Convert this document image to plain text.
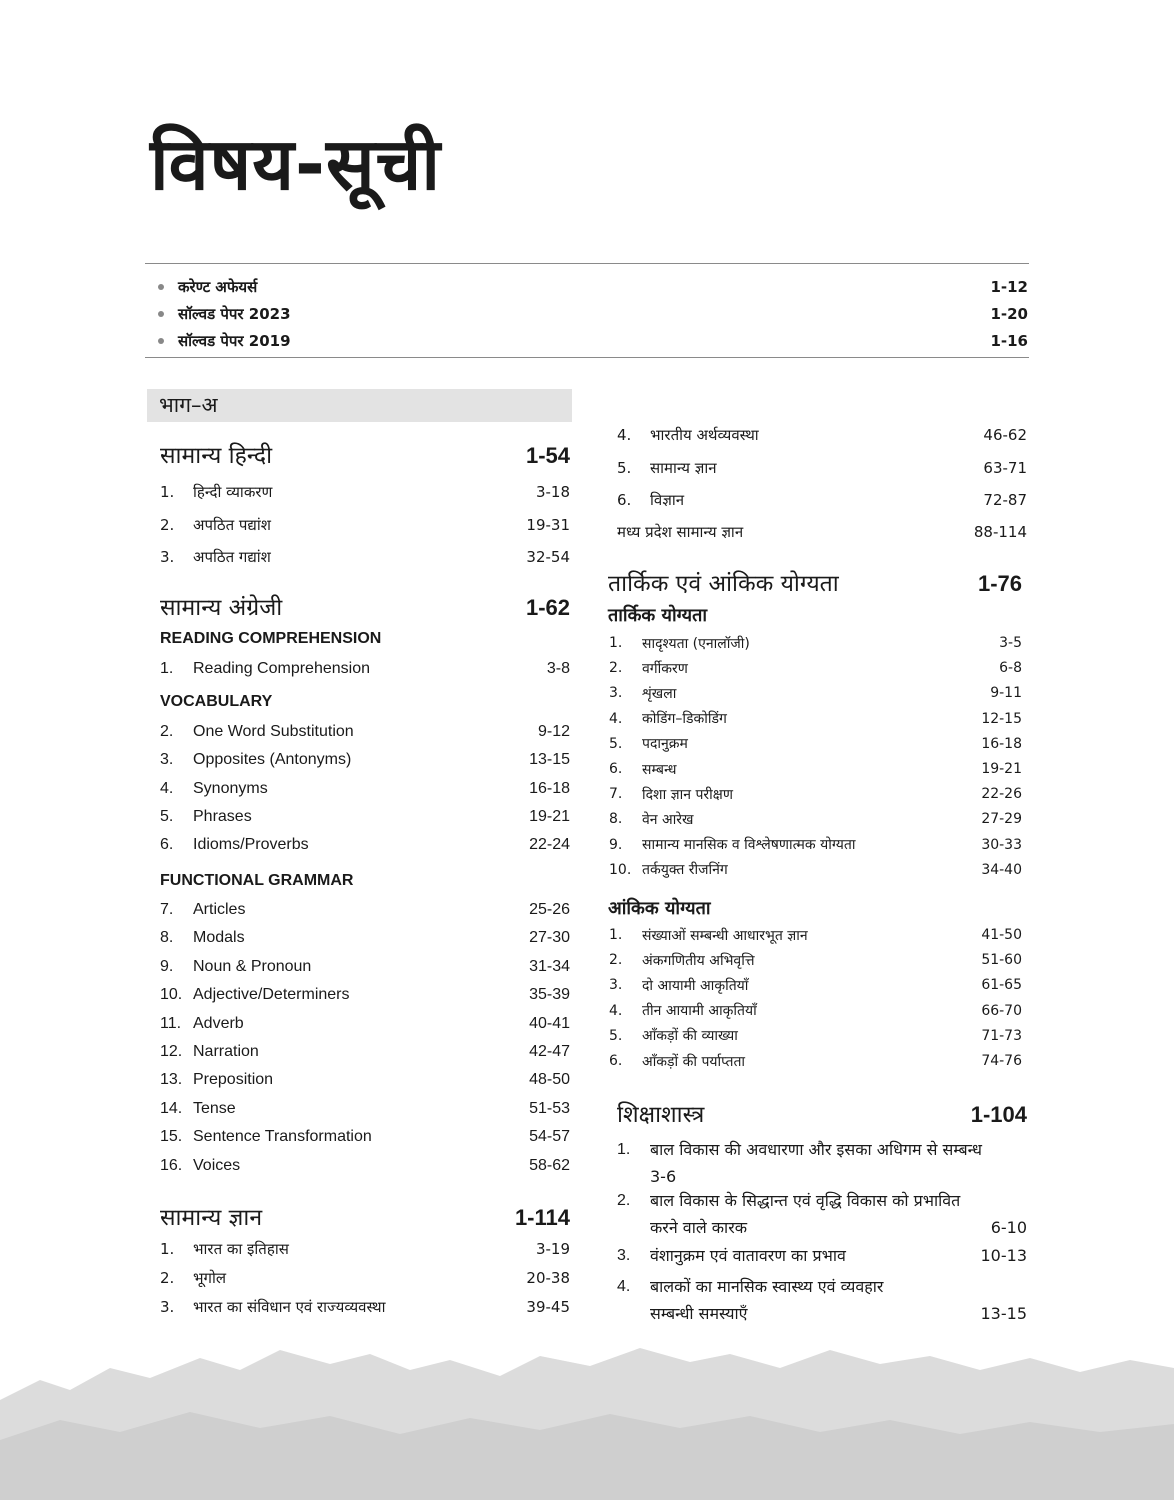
विषय-सूची
करेण्ट अफेयर्स	1-12
सॉल्वड पेपर 2023	1-20
सॉल्वड पेपर 2019	1-16
भाग–अ
सामान्य हिन्दी	1-54
सामान्य अंग्रेजी	1-62
READING COMPREHENSION
VOCABULARY
FUNCTIONAL GRAMMAR
सामान्य ज्ञान	1-114
मध्य प्रदेश सामान्य ज्ञान	88-114
तार्किक एवं आंकिक योग्यता	1-76
तार्किक योग्यता
आंकिक योग्यता
शिक्षाशास्त्र	1-104
1.	हिन्दी व्याकरण	3-18
2.	अपठित पद्यांश	19-31
3.	अपठित गद्यांश	32-54
1.	Reading Comprehension	3-8
2.	One Word Substitution	9-12
3.	Opposites (Antonyms)	13-15
4.	Synonyms	16-18
5.	Phrases	19-21
6.	Idioms/Proverbs	22-24
7.	Articles	25-26
8.	Modals	27-30
9.	Noun & Pronoun	31-34
10. Adjective/Determiners	35-39
11. Adverb	40-41
12. Narration	42-47
13. Preposition	48-50
14. Tense	51-53
15. Sentence Transformation	54-57
16. Voices	58-62
1.	भारत का इतिहास	3-19
2.	भूगोल	20-38
3.	भारत का संविधान एवं राज्यव्यवस्था	39-45
4.	भारतीय अर्थव्यवस्था	46-62
5.	सामान्य ज्ञान	63-71
6.	विज्ञान	72-87
1.	सादृश्यता (एनालॉजी)	3-5
2.	वर्गीकरण	6-8
3.	शृंखला	9-11
4.	कोडिंग–डिकोडिंग	12-15
5.	पदानुक्रम	16-18
6.	सम्बन्ध	19-21
7.	दिशा ज्ञान परीक्षण	22-26
8.	वेन आरेख	27-29
9.	सामान्य मानसिक व विश्लेषणात्मक योग्यता	30-33
10. तर्कयुक्त रीजनिंग	34-40
1.	संख्याओं सम्बन्धी आधारभूत ज्ञान	41-50
2.	अंकगणितीय अभिवृत्ति	51-60
3.	दो आयामी आकृतियाँ	61-65
4.	तीन आयामी आकृतियाँ	66-70
5.	आँकड़ों की व्याख्या	71-73
6.	आँकड़ों की पर्याप्तता	74-76
1.	बाल विकास की अवधारणा और इसका अधिगम से सम्बन्ध
3-6
2.	बाल विकास के सिद्धान्त एवं वृद्धि विकास को प्रभावित
करने वाले कारक	6-10
3.	वंशानुक्रम एवं वातावरण का प्रभाव	10-13
4.	बालकों का मानसिक स्वास्थ्य एवं व्यवहार
सम्बन्धी समस्याएँ	13-15
